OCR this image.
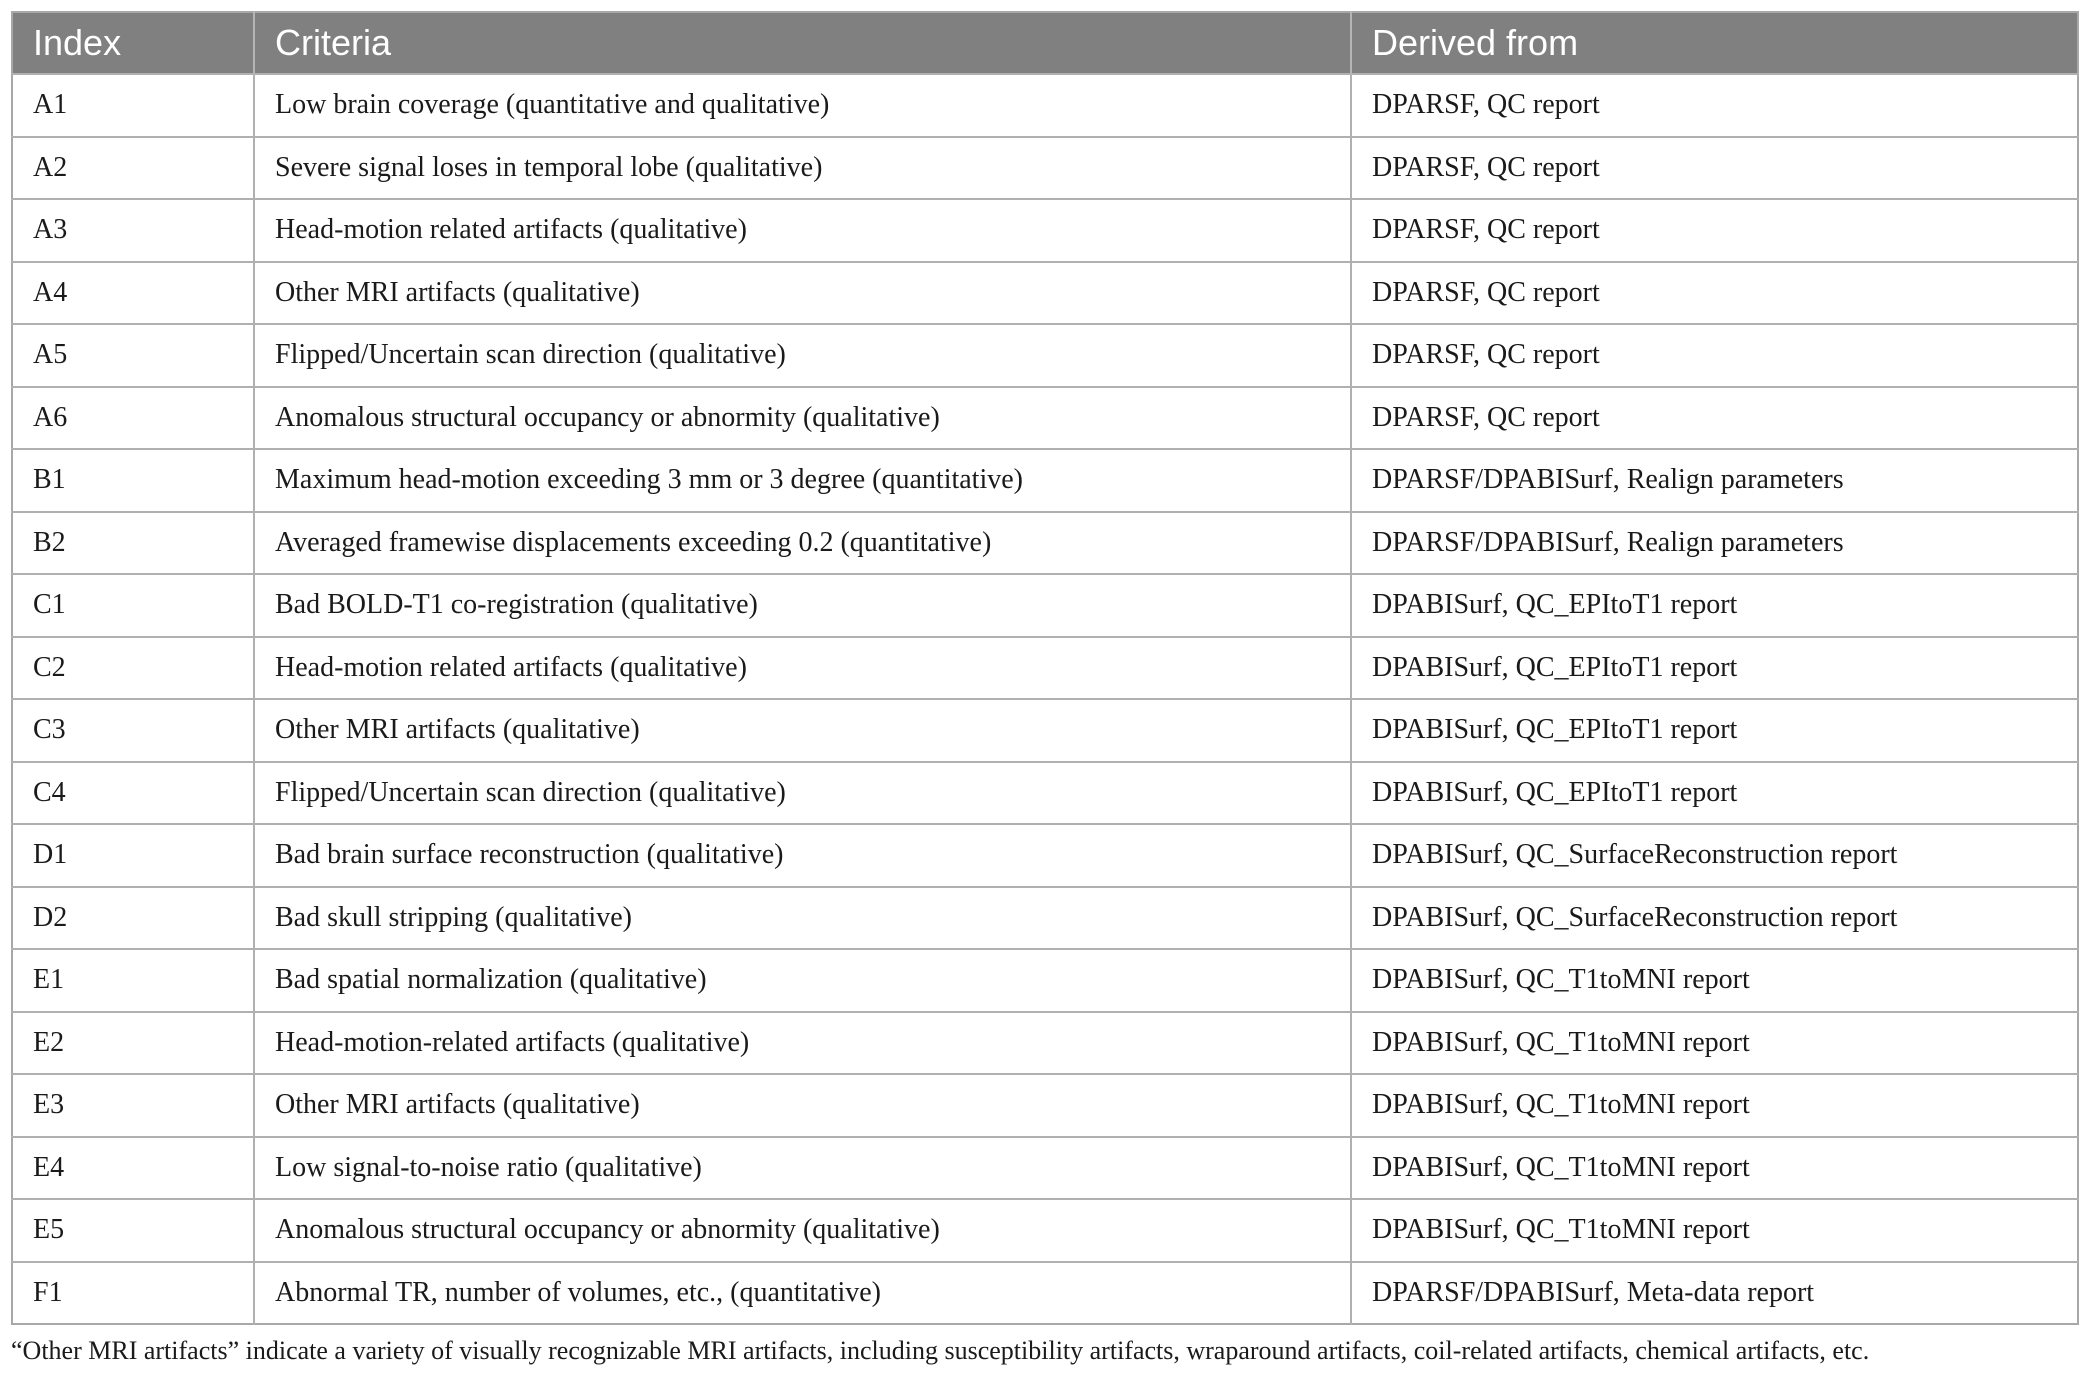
Index	Criteria	Derived from
A1	Low brain coverage (quantitative and qualitative)	DPARSF, QC report
A2	Severe signal loses in temporal lobe (qualitative)	DPARSF, QC report
A3	Head-motion related artifacts (qualitative)	DPARSF, QC report
A4	Other MRI artifacts (qualitative)	DPARSF, QC report
A5	Flipped/Uncertain scan direction (qualitative)	DPARSF, QC report
A6	Anomalous structural occupancy or abnormity (qualitative)	DPARSF, QC report
B1	Maximum head-motion exceeding 3 mm or 3 degree (quantitative)	DPARSF/DPABISurf, Realign parameters
B2	Averaged framewise displacements exceeding 0.2 (quantitative)	DPARSF/DPABISurf, Realign parameters
C1	Bad BOLD-T1 co-registration (qualitative)	DPABISurf, QC_EPItoT1 report
C2	Head-motion related artifacts (qualitative)	DPABISurf, QC_EPItoT1 report
C3	Other MRI artifacts (qualitative)	DPABISurf, QC_EPItoT1 report
C4	Flipped/Uncertain scan direction (qualitative)	DPABISurf, QC_EPItoT1 report
D1	Bad brain surface reconstruction (qualitative)	DPABISurf, QC_SurfaceReconstruction report
D2	Bad skull stripping (qualitative)	DPABISurf, QC_SurfaceReconstruction report
E1	Bad spatial normalization (qualitative)	DPABISurf, QC_T1toMNI report
E2	Head-motion-related artifacts (qualitative)	DPABISurf, QC_T1toMNI report
E3	Other MRI artifacts (qualitative)	DPABISurf, QC_T1toMNI report
E4	Low signal-to-noise ratio (qualitative)	DPABISurf, QC_T1toMNI report
E5	Anomalous structural occupancy or abnormity (qualitative)	DPABISurf, QC_T1toMNI report
F1	Abnormal TR, number of volumes, etc., (quantitative)	DPARSF/DPABISurf, Meta-data report
“Other MRI artifacts” indicate a variety of visually recognizable MRI artifacts, including susceptibility artifacts, wraparound artifacts, coil-related artifacts, chemical artifacts, etc.
